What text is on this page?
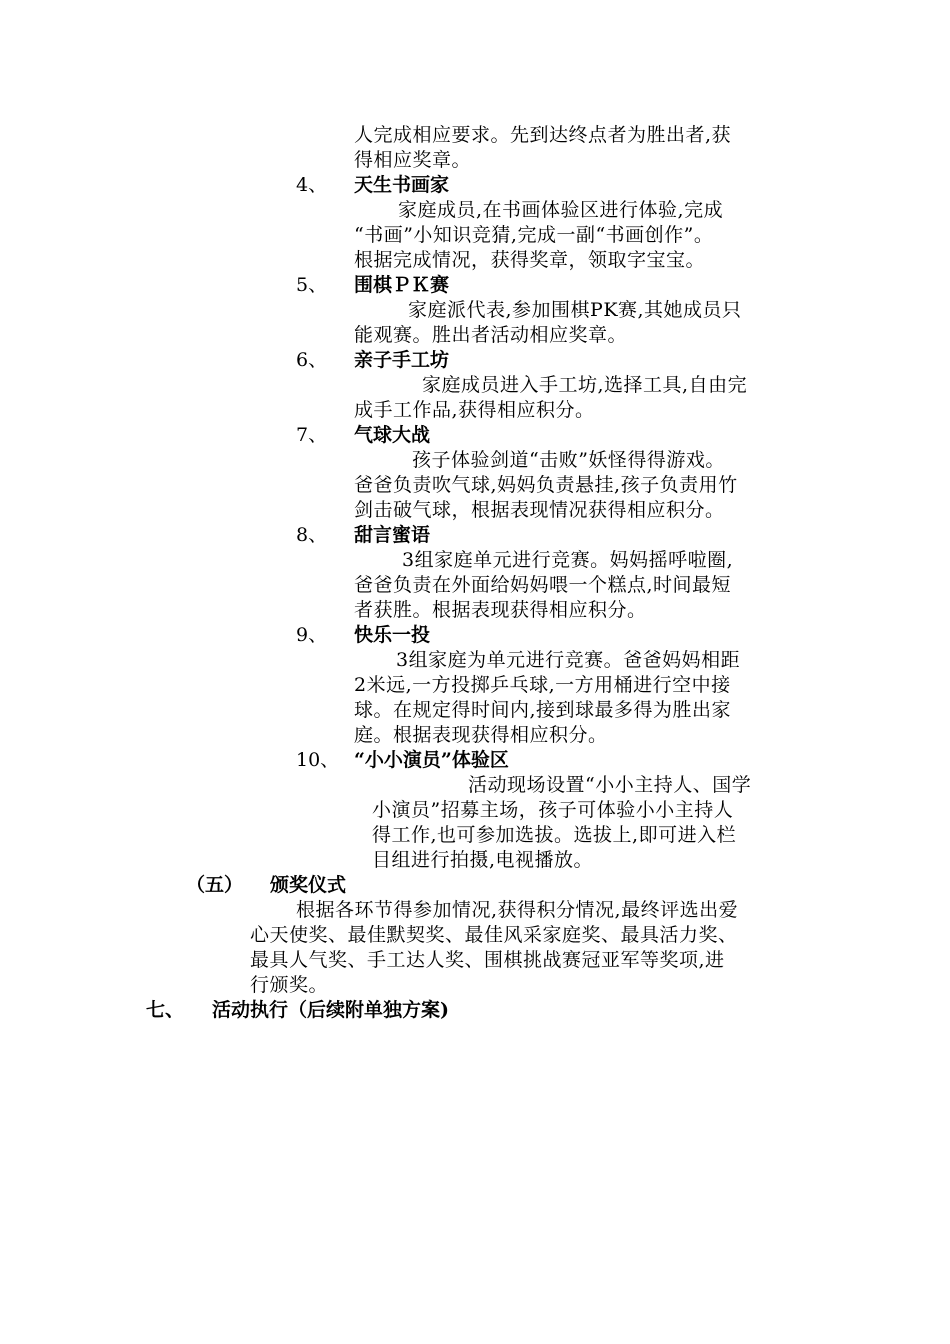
人完成相应要求。先到达终点者为胜出者,获
得相应奖章。
4、 天生书画家
家庭成员,在书画体验区进行体验,完成
“书画”小知识竞猜,完成一副“书画创作”。
根据完成情况，获得奖章，领取字宝宝。
5、 围棋ＰＫ赛
家庭派代表,参加围棋PK赛,其她成员只
能观赛。胜出者活动相应奖章。
6、 亲子手工坊
家庭成员进入手工坊,选择工具,自由完
成手工作品,获得相应积分。
7、 气球大战
孩子体验剑道“击败”妖怪得得游戏。
爸爸负责吹气球,妈妈负责悬挂,孩子负责用竹
剑击破气球，根据表现情况获得相应积分。
8、 甜言蜜语
3组家庭单元进行竞赛。妈妈摇呼啦圈,
爸爸负责在外面给妈妈喂一个糕点,时间最短
者获胜。根据表现获得相应积分。
9、 快乐一投
3组家庭为单元进行竞赛。爸爸妈妈相距
2米远,一方投掷乒乓球,一方用桶进行空中接
球。在规定得时间内,接到球最多得为胜出家
庭。根据表现获得相应积分。
10、 “小小演员”体验区
活动现场设置“小小主持人、国学
小演员”招募主场，孩子可体验小小主持人
得工作,也可参加选拔。选拔上,即可进入栏
目组进行拍摄,电视播放。
（五） 颁奖仪式
根据各环节得参加情况,获得积分情况,最终评选出爱
心天使奖、最佳默契奖、最佳风采家庭奖、最具活力奖、
最具人气奖、手工达人奖、围棋挑战赛冠亚军等奖项,进
行颁奖。
七、 活动执行（后续附单独方案)
